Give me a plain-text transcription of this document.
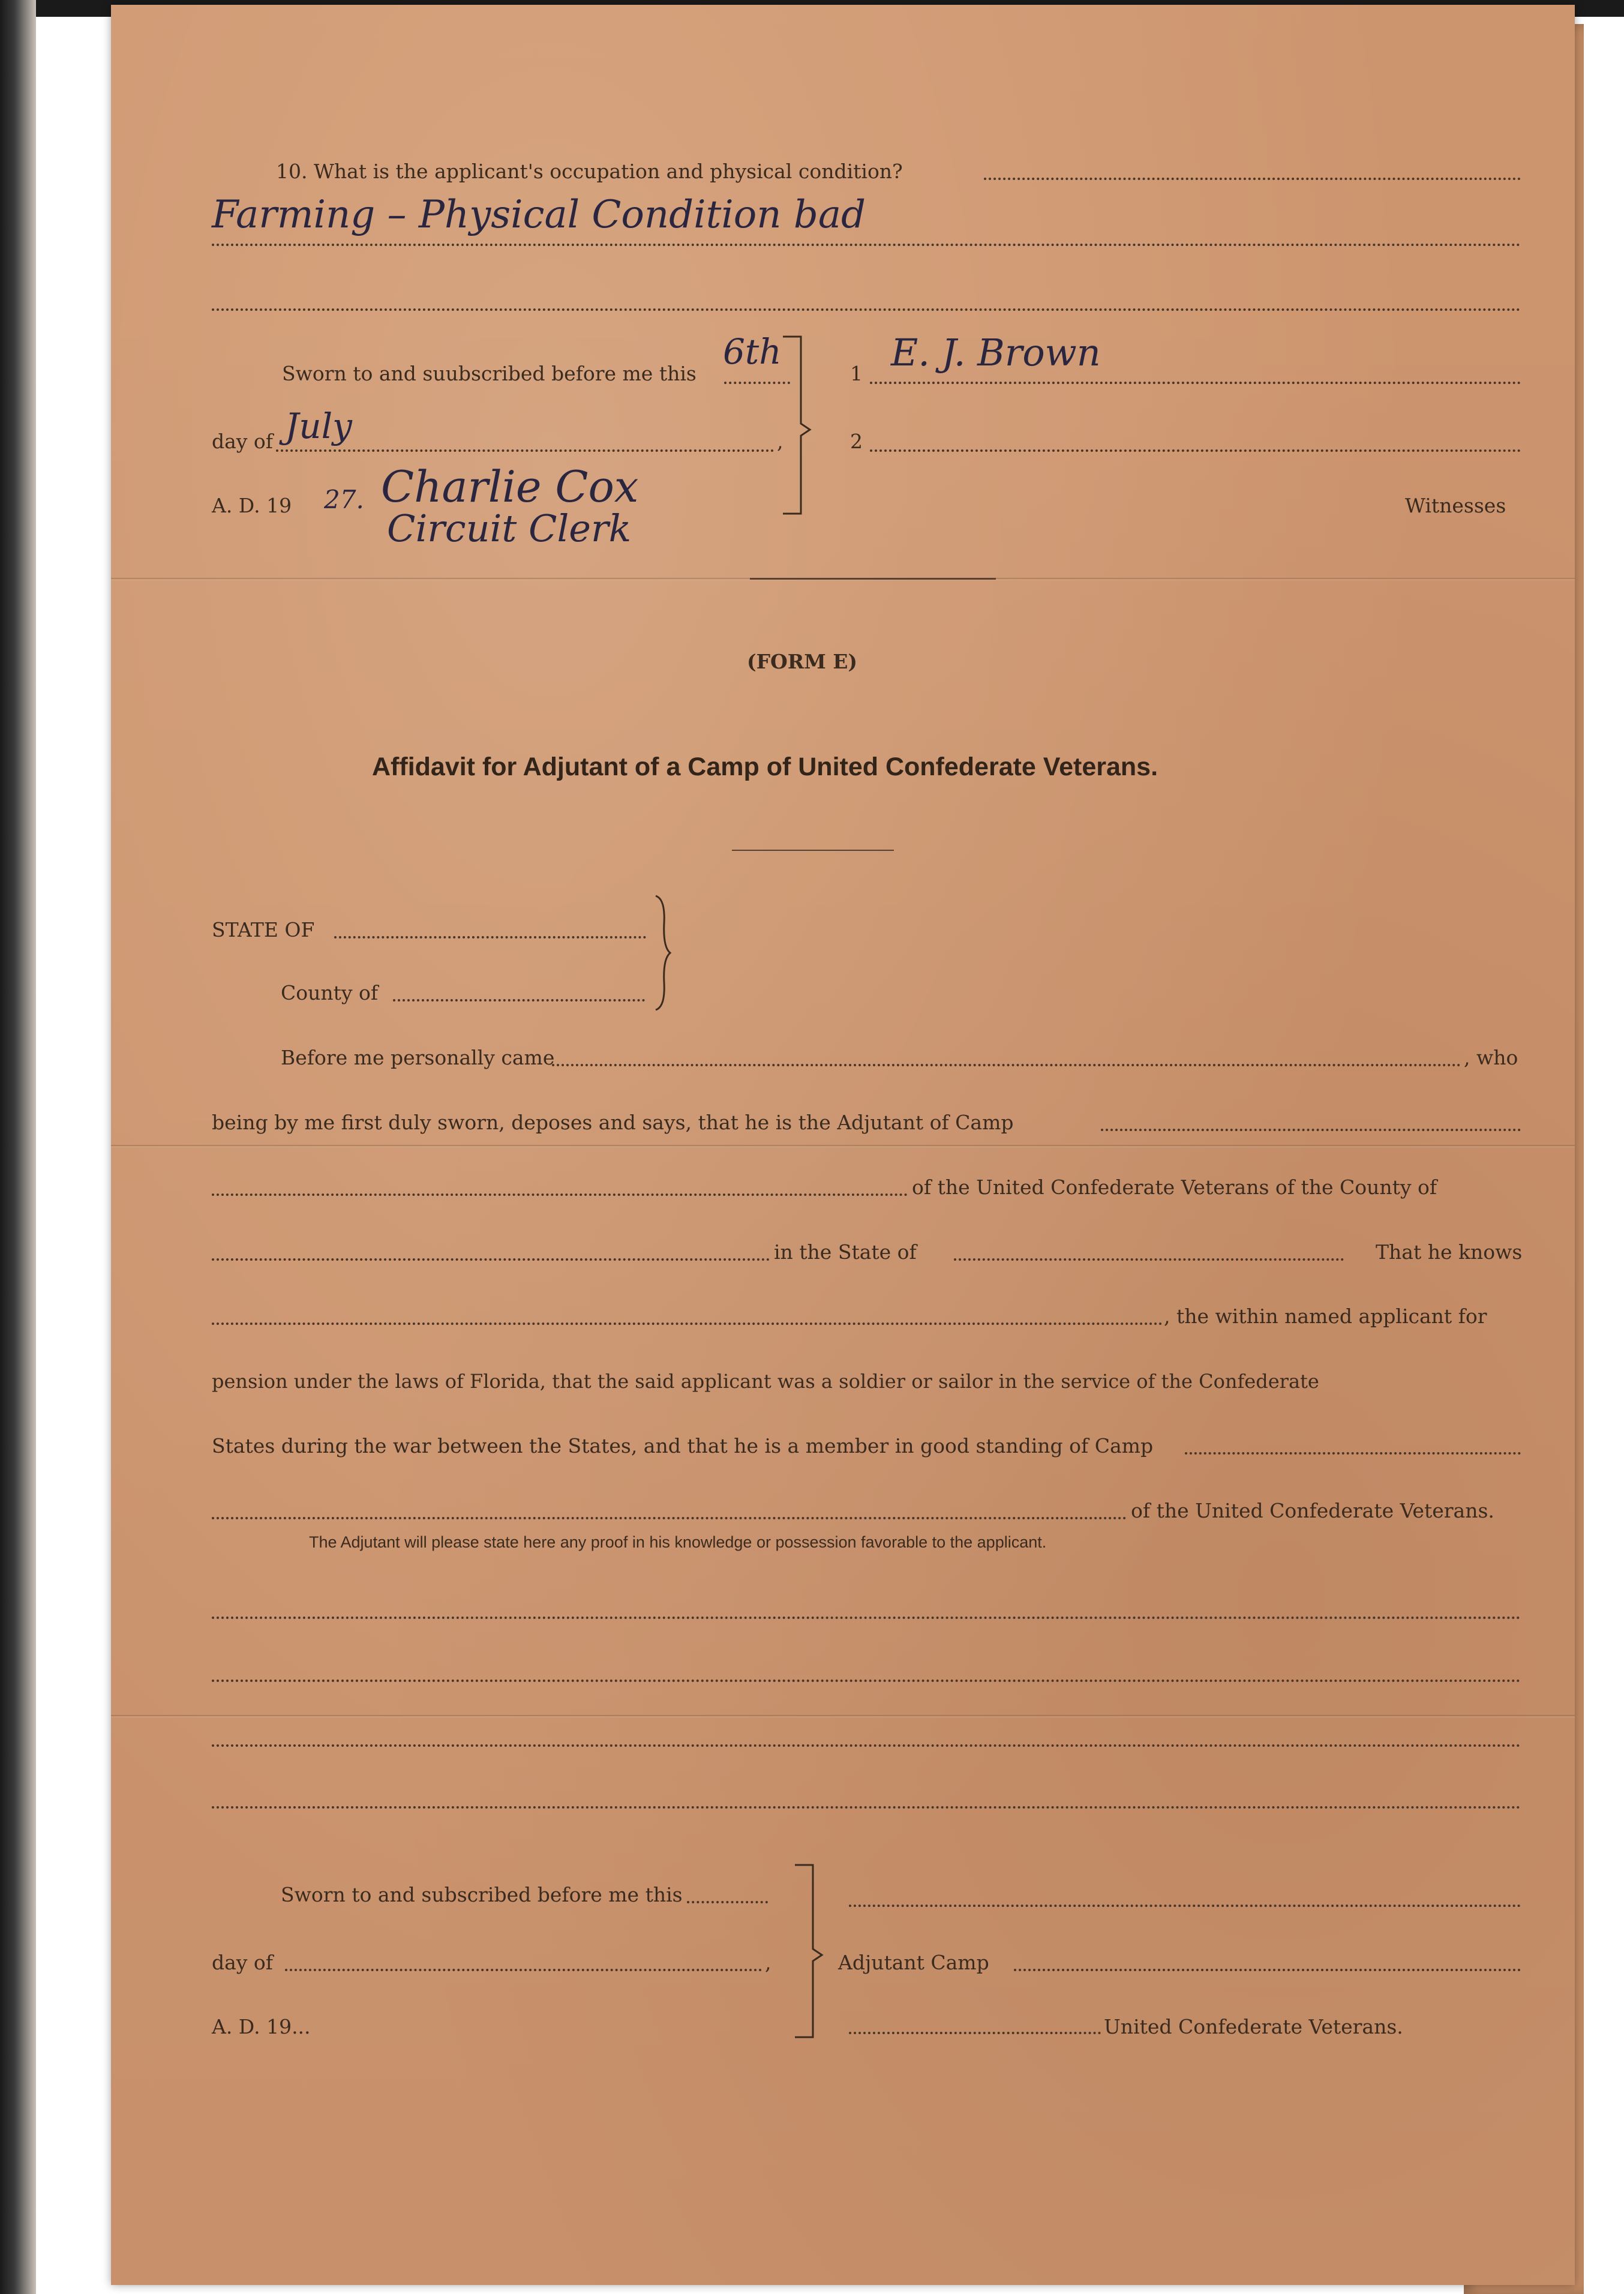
10. What is the applicant's occupation and physical condition?
Farming – Physical Condition bad
Sworn to and suubscribed before me this
6th
day of July	,
A. D. 19 27. Charlie Cox
Circuit Clerk
1 E. J. Brown
2
Witnesses
(FORM E)
Affidavit for Adjutant of a Camp of United Confederate Veterans.
STATE OF
County of
Before me personally came	, who
being by me first duly sworn, deposes and says, that he is the Adjutant of Camp
of the United Confederate Veterans of the County of
in the State of	That he knows
, the within named applicant for
pension under the laws of Florida, that the said applicant was a soldier or sailor in the service of the Confederate
States during the war between the States, and that he is a member in good standing of Camp
of the United Confederate Veterans.
The Adjutant will please state here any proof in his knowledge or possession favorable to the applicant.
Sworn to and subscribed before me this
day of	,
A. D. 19...
Adjutant Camp
United Confederate Veterans.
